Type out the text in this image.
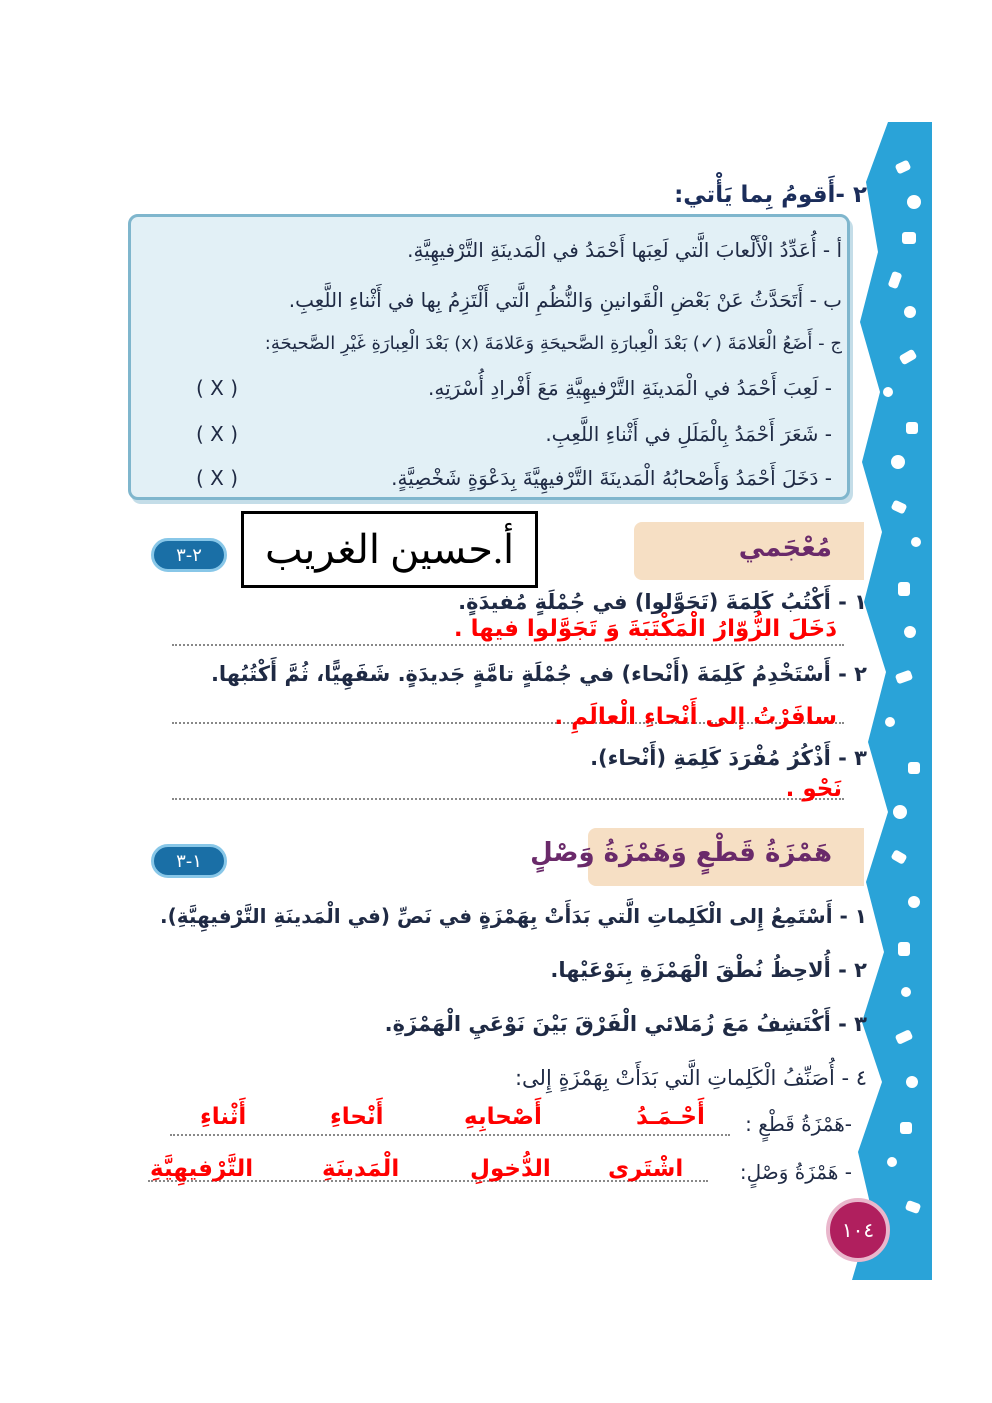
٢ -أَقومُ بِما يَأْتي:
أ - أُعَدِّدُ الْأَلْعابَ الَّتي لَعِبَها أَحْمَدُ في الْمَدينَةِ التَّرْفيهِيَّةِ.
ب - أَتَحَدَّثُ عَنْ بَعْضِ الْقَوانينِ وَالنُّظُمِ الَّتي أَلْتَزِمُ بِها في أَثْناءِ اللَّعِبِ.
ج - أَضَعُ الْعَلامَةَ (✓) بَعْدَ الْعِبارَةِ الصَّحيحَةِ وَعَلامَةَ (x) بَعْدَ الْعِبارَةِ غَيْرِ الصَّحيحَةِ:
- لَعِبَ أَحْمَدُ في الْمَدينَةِ التَّرْفيهِيَّةِ مَعَ أَفْرادِ أُسْرَتِهِ.
( X )
- شَعَرَ أَحْمَدُ بِالْمَلَلِ في أَثْناءِ اللَّعِبِ.
( X )
- دَخَلَ أَحْمَدُ وَأَصْحابُهُ الْمَدينَةَ التَّرْفيهِيَّةَ بِدَعْوَةٍ شَخْصِيَّةٍ.
( X )
أ.حسين الغريب	مُعْجَمي
٢-٣
١ - أَكْتُبُ كَلِمَةَ (تَجَوَّلوا) في جُمْلَةٍ مُفيدَةٍ.
دَخَلَ الزُّوّارُ الْمَكْتَبَةَ وَ تَجَوَّلوا فيها .
٢ - أَسْتَخْدِمُ كَلِمَةَ (أَنْحاء) في جُمْلَةٍ تامَّةٍ جَديدَةٍ. شَفَهِيًّا، ثُمَّ أَكْتُبُها.
سافَرْتُ إلى أَنْحاءِ الْعالَمِ .
٣ - أَذْكُرُ مُفْرَدَ كَلِمَةِ (أَنْحاء).
نَحْو .
هَمْزَةُ قَطْعٍ وَهَمْزَةُ وَصْلٍ
١-٣
١ - أَسْتَمِعُ إِلى الْكَلِماتِ الَّتي بَدَأَتْ بِهَمْزَةٍ في نَصِّ (في الْمَدينَةِ التَّرْفيهِيَّةِ).
٢ - أُلاحِظُ نُطْقَ الْهَمْزَةِ بِنَوْعَيْها.
٣ - أَكْتَشِفُ مَعَ زُمَلائي الْفَرْقَ بَيْنَ نَوْعَيِ الْهَمْزَةِ.
٤ - أُصَنِّفُ الْكَلِماتِ الَّتي بَدَأَتْ بِهَمْزَةٍ إِلى:
-هَمْزَةُ قَطْعٍ :
أَحْـمَـدُ
أَصْحابِهِ
أَنْحاءِ
أَثْناءِ
- هَمْزَةُ وَصْلٍ:
اشْتَرى
الدُّخولِ
الْمَدينَةِ
التَّرْفيهِيَّةِ
١٠٤
